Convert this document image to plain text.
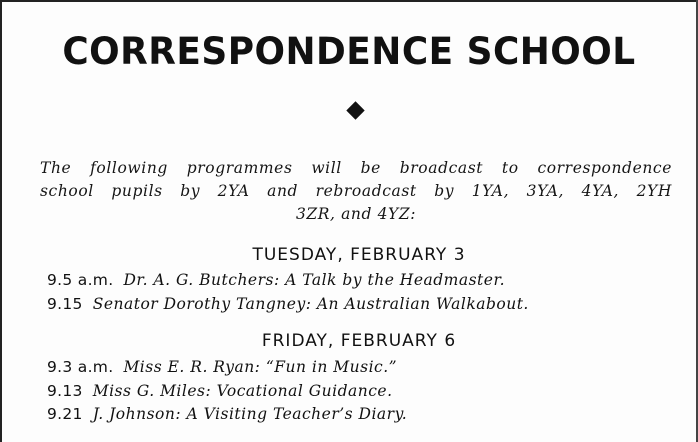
CORRESPONDENCE SCHOOL
The following programmes will be broadcast to correspondence
school pupils by 2YA and rebroadcast by 1YA, 3YA, 4YA, 2YH
3ZR, and 4YZ:
TUESDAY, FEBRUARY 3
9.5 a.m. Dr. A. G. Butchers: A Talk by the Headmaster.
9.15 Senator Dorothy Tangney: An Australian Walkabout.
FRIDAY, FEBRUARY 6
9.3 a.m. Miss E. R. Ryan: “Fun in Music.”
9.13 Miss G. Miles: Vocational Guidance.
9.21 J. Johnson: A Visiting Teacher’s Diary.
